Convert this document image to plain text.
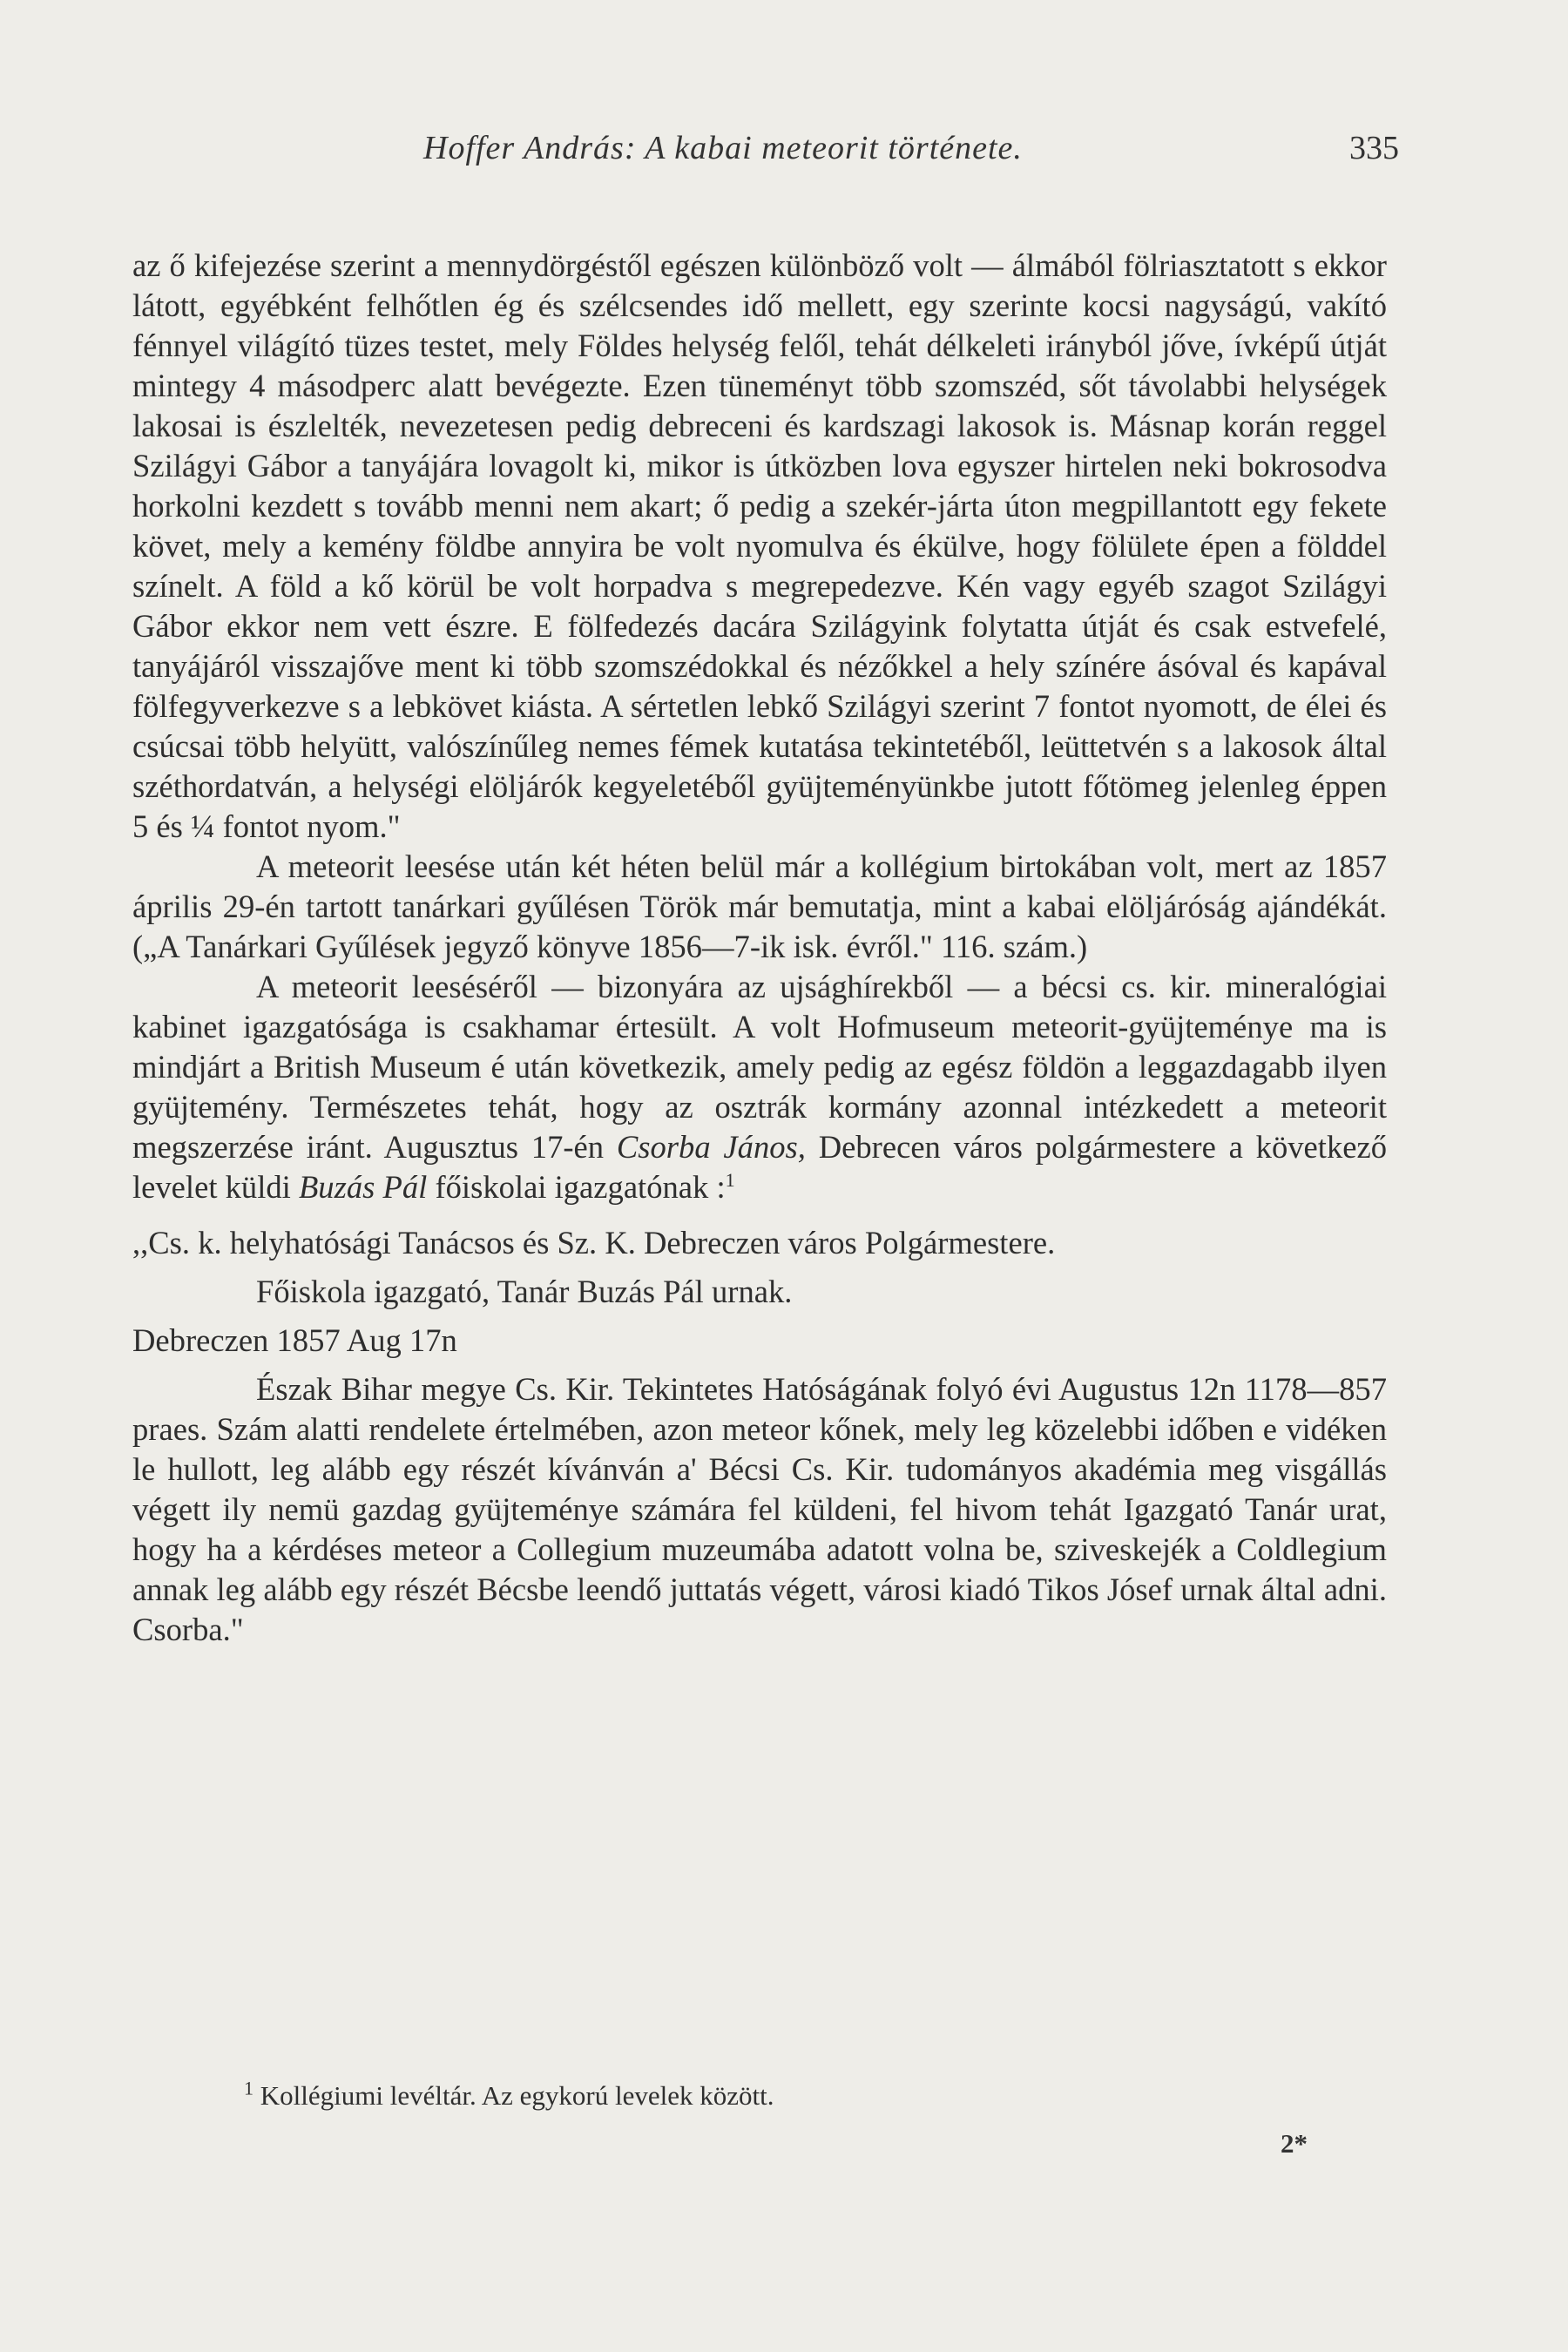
Hoffer András: A kabai meteorit története.	335

az ő kifejezése szerint a mennydörgéstől egészen különböző volt — álmából fölriasztatott s ekkor látott, egyébként felhőtlen ég és szélcsendes idő mellett, egy szerinte kocsi nagyságú, vakító fénnyel világító tüzes testet, mely Földes helység felől, tehát délkeleti irányból jőve, ívképű útját mintegy 4 másodperc alatt bevégezte. Ezen tüneményt több szomszéd, sőt távolabbi helységek lakosai is észlelték, nevezetesen pedig debreceni és kardszagi lakosok is. Másnap korán reggel Szilágyi Gábor a tanyájára lovagolt ki, mikor is útközben lova egyszer hirtelen neki bokrosodva horkolni kezdett s tovább menni nem akart; ő pedig a szekér-járta úton megpillantott egy fekete követ, mely a kemény földbe annyira be volt nyomulva és ékülve, hogy fölülete épen a földdel színelt. A föld a kő körül be volt horpadva s megrepedezve. Kén vagy egyéb szagot Szilágyi Gábor ekkor nem vett észre. E fölfedezés dacára Szilágyink folytatta útját és csak estvefelé, tanyájáról visszajőve ment ki több szomszédokkal és nézőkkel a hely színére ásóval és kapával fölfegyverkezve s a lebkövet kiásta. A sértetlen lebkő Szilágyi szerint 7 fontot nyomott, de élei és csúcsai több helyütt, valószínűleg nemes fémek kutatása tekintetéből, leüttetvén s a lakosok által széthordatván, a helységi elöljárók kegyeletéből gyüjteményünkbe jutott főtömeg jelenleg éppen 5 és ¼ fontot nyom."

A meteorit leesése után két héten belül már a kollégium birtokában volt, mert az 1857 április 29-én tartott tanárkari gyűlésen Török már bemutatja, mint a kabai elöljáróság ajándékát. („A Tanárkari Gyűlések jegyző könyve 1856—7-ik isk. évről." 116. szám.)

A meteorit leeséséről — bizonyára az ujsághírekből — a bécsi cs. kir. mineralógiai kabinet igazgatósága is csakhamar értesült. A volt Hofmuseum meteorit-gyüjteménye ma is mindjárt a British Museum é után következik, amely pedig az egész földön a leggazdagabb ilyen gyüjtemény. Természetes tehát, hogy az osztrák kormány azonnal intézkedett a meteorit megszerzése iránt. Augusztus 17-én Csorba János, Debrecen város polgármestere a következő levelet küldi Buzás Pál főiskolai igazgatónak :$^1$

,,Cs. k. helyhatósági Tanácsos és Sz. K. Debreczen város Polgármestere.

Főiskola igazgató, Tanár Buzás Pál urnak.

Debreczen 1857 Aug 17n

Észak Bihar megye Cs. Kir. Tekintetes Hatóságának folyó évi Augustus 12n 1178—857 praes. Szám alatti rendelete értelmében, azon meteor kőnek, mely leg közelebbi időben e vidéken le hullott, leg alább egy részét kívánván a' Bécsi Cs. Kir. tudományos akadémia meg visgállás végett ily nemü gazdag gyüjteménye számára fel küldeni, fel hivom tehát Igazgató Tanár urat, hogy ha a kérdéses meteor a Collegium muzeumába adatott volna be, sziveskejék a Coldlegium annak leg alább egy részét Bécsbe leendő juttatás végett, városi kiadó Tikos Jósef urnak által adni. Csorba."

$^1$ Kollégiumi levéltár. Az egykorú levelek között.
2*
